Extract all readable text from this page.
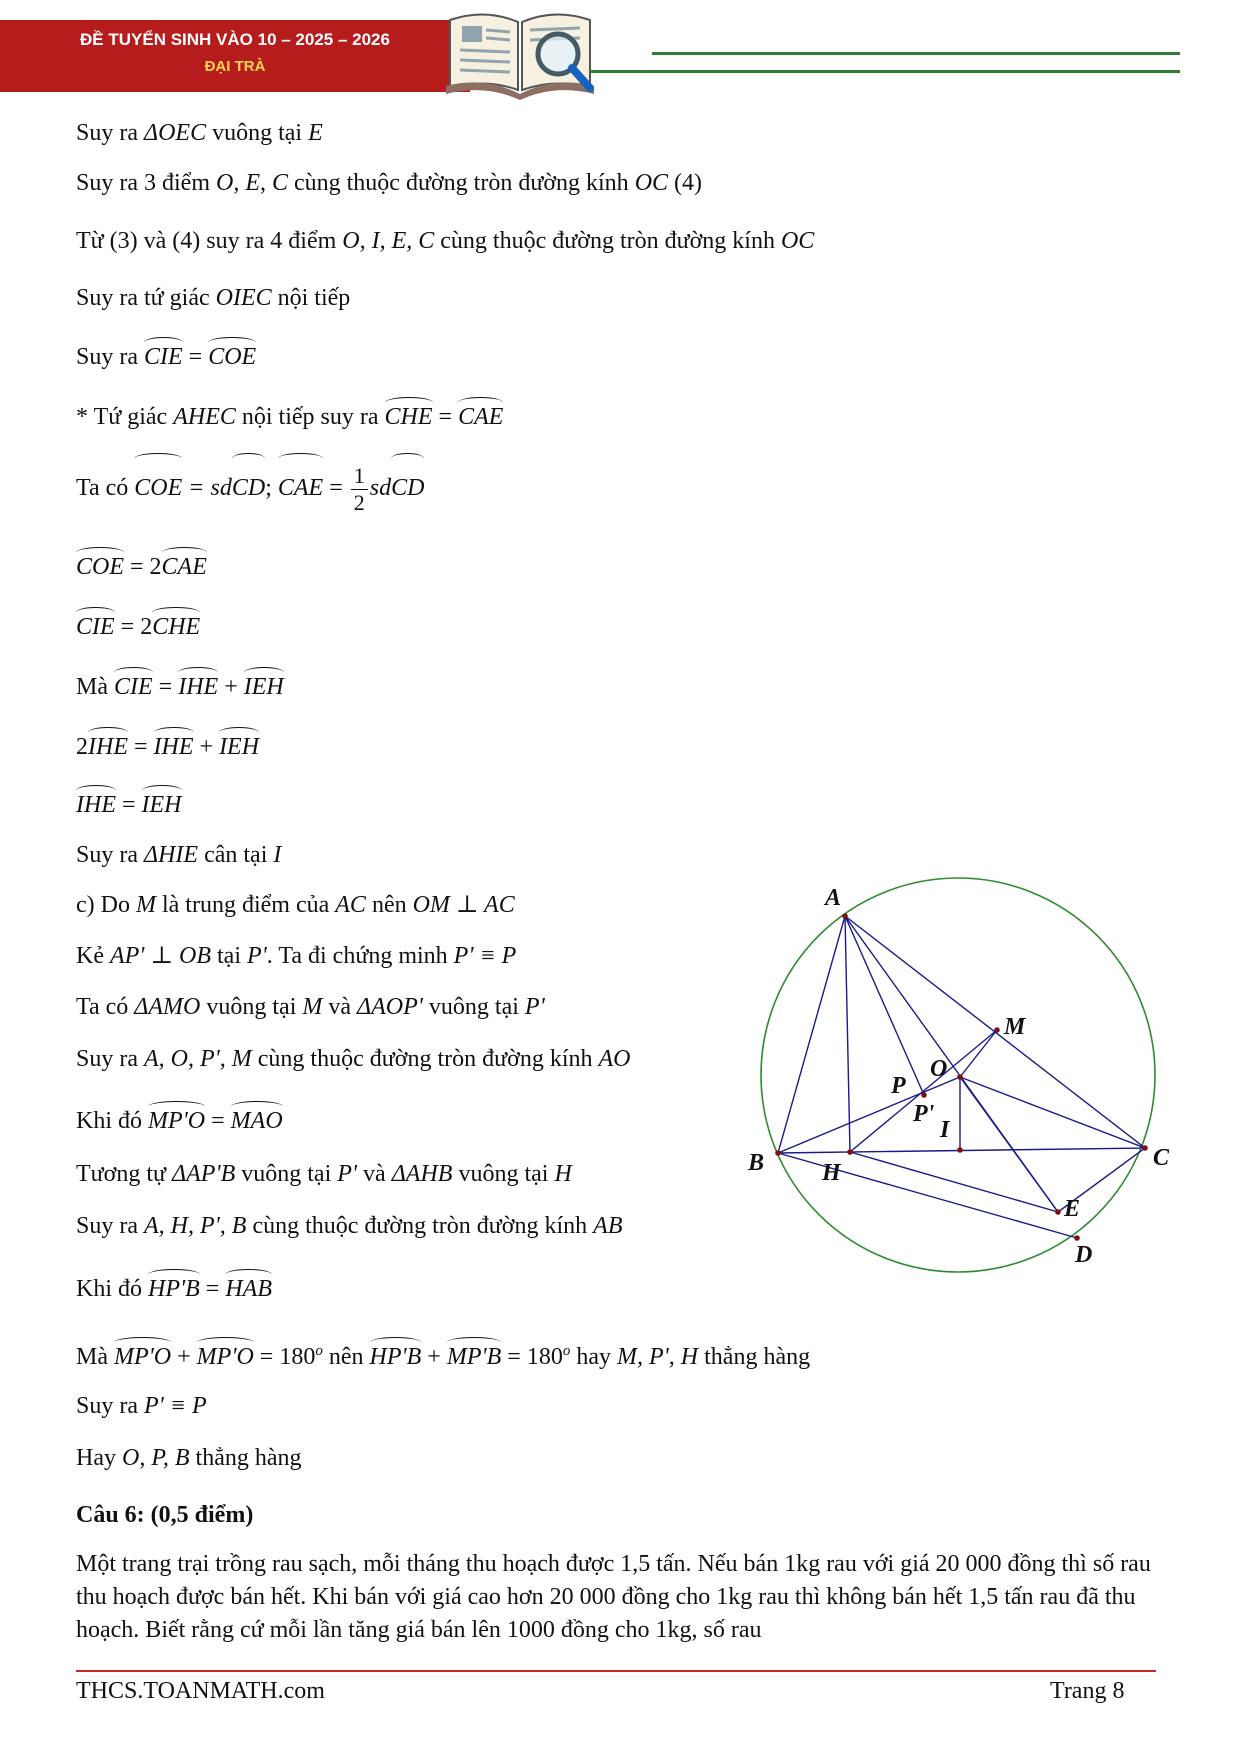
ĐỀ TUYỂN SINH VÀO 10 – 2025 – 2026
ĐẠI TRÀ
Suy ra ΔOEC vuông tại E
Suy ra 3 điểm O, E, C cùng thuộc đường tròn đường kính OC (4)
Từ (3) và (4) suy ra 4 điểm O, I, E, C cùng thuộc đường tròn đường kính OC
Suy ra tứ giác OIEC nội tiếp
Suy ra CIE = COE
* Tứ giác AHEC nội tiếp suy ra CHE = CAE
Ta có COE = sdCD; CAE = $\frac{1}{2}$ sdCD
COE = 2CAE
CIE = 2CHE
Mà CIE = IHE + IEH
2IHE = IHE + IEH
IHE = IEH
Suy ra ΔHIE cân tại I
c) Do M là trung điểm của AC nên OM ⊥ AC
Kẻ AP' ⊥ OB tại P'. Ta đi chứng minh P' ≡ P
Ta có ΔAMO vuông tại M và ΔAOP' vuông tại P'
Suy ra A, O, P', M cùng thuộc đường tròn đường kính AO
Khi đó MP'O = MAO
Tương tự ΔAP'B vuông tại P' và ΔAHB vuông tại H
Suy ra A, H, P', B cùng thuộc đường tròn đường kính AB
Khi đó HP'B = HAB
Mà $MP'O + MP'O = 180^o$ nên $HP'B + MP'B = 180^o$ hay M, P', H thẳng hàng
Suy ra P' ≡ P
Hay O, P, B thẳng hàng
Câu 6: (0,5 điểm)
Một trang trại trồng rau sạch, mỗi tháng thu hoạch được 1,5 tấn. Nếu bán 1kg rau với giá 20 000 đồng thì số rau thu hoạch được bán hết. Khi bán với giá cao hơn 20 000 đồng cho 1kg rau thì không bán hết 1,5 tấn rau đã thu hoạch. Biết rằng cứ mỗi lần tăng giá bán lên 1000 đồng cho 1kg, số rau
A
M
O
P
P'
I
B H
C
E
D
THCS.TOANMATH.com	Trang 8
